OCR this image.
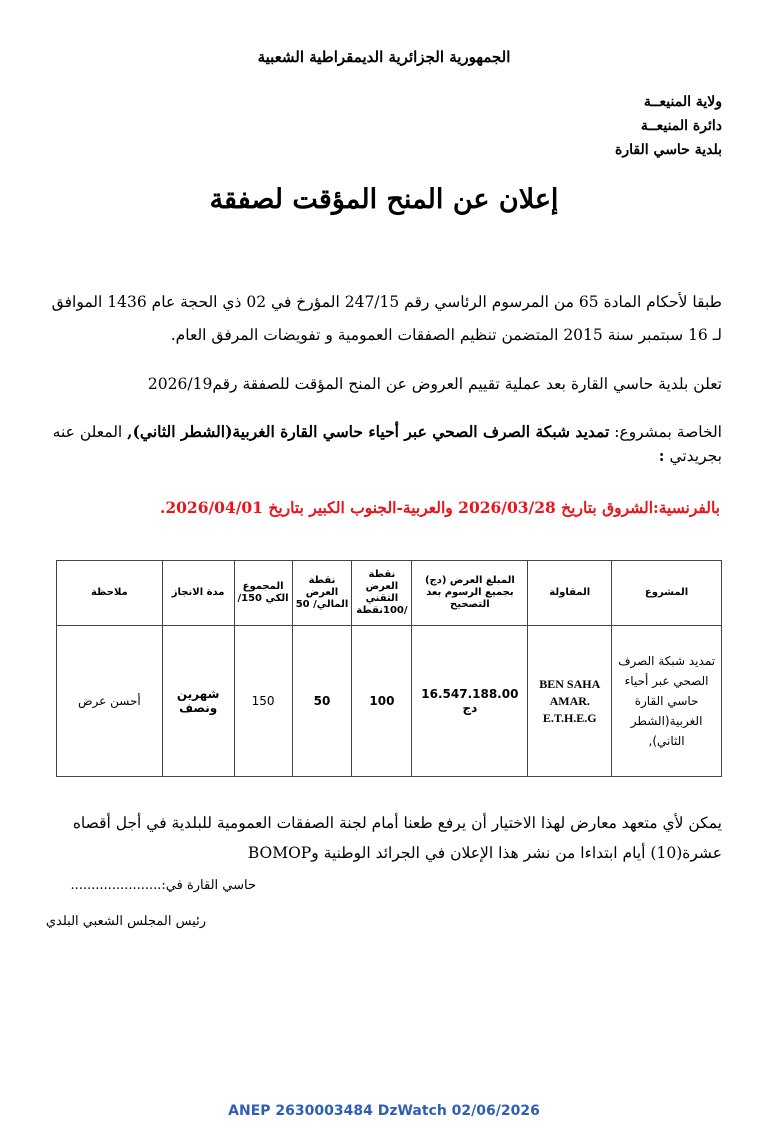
الجمهورية الجزائرية الديمقراطية الشعبية
ولاية المنيعــة
دائرة المنيعــة
بلدية حاسي القارة
إعلان عن المنح المؤقت لصفقة
طبقا لأحكام المادة 65 من المرسوم الرئاسي رقم 247/15 المؤرخ في 02 ذي الحجة عام 1436 الموافق لـ 16 سبتمبر سنة 2015 المتضمن تنظيم الصفقات العمومية و تفويضات المرفق العام.
تعلن بلدية حاسي القارة بعد عملية تقييم العروض عن المنح المؤقت للصفقة رقم2026/19
الخاصة بمشروع: تمديد شبكة الصرف الصحي عبر أحياء حاسي القارة الغربية(الشطر الثاني), المعلن عنه بجريدتي :
بالفرنسية:الشروق بتاريخ 2026/03/28 والعربية-الجنوب الكبير بتاريخ 2026/04/01.
المشروع	المقاولة	المبلغ العرض (دج) بجميع الرسوم بعد التصحيح	نقطة العرض التقني /100نقطة	نقطة العرض المالي/ 50	المجموع الكي 150/	مدة الانجاز	ملاحظة
تمديد شبكة الصرف الصحي عبر أحياء حاسي القارة الغربية(الشطر الثاني),	BEN SAHA AMAR. E.T.H.E.G	16.547.188.00 دج	100	50	150	شهرين ونصف	أحسن عرض
يمكن لأي متعهد معارض لهذا الاختيار أن يرفع طعنا أمام لجنة الصفقات العمومية للبلدية في أجل أقصاه عشرة(10) أيام ابتداءا من نشر هذا الإعلان في الجرائد الوطنية وBOMOP
حاسي القارة في:......................
رئيس المجلس الشعبي البلدي
ANEP 2630003484 DzWatch 02/06/2026
